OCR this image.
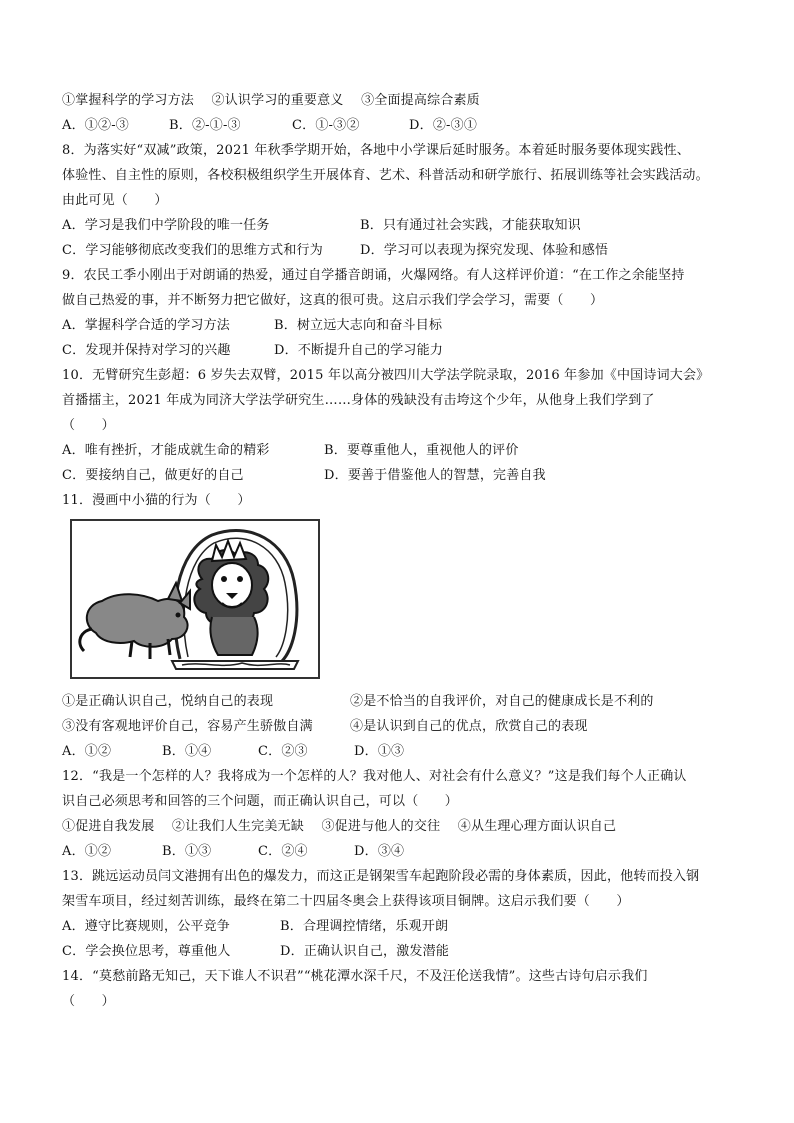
①掌握科学的学习方法　 ②认识学习的重要意义　 ③全面提高综合素质
A．①②-③	B．②-①-③	C．①-③②	D．②-③①
8．为落实好“双减”政策，2021 年秋季学期开始，各地中小学课后延时服务。本着延时服务要体现实践性、
体验性、自主性的原则，各校积极组织学生开展体育、艺术、科普活动和研学旅行、拓展训练等社会实践活动。
由此可见（　　）
A．学习是我们中学阶段的唯一任务	B．只有通过社会实践，才能获取知识
C．学习能够彻底改变我们的思维方式和行为	D．学习可以表现为探究发现、体验和感悟
9．农民工季小刚出于对朗诵的热爱，通过自学播音朗诵，火爆网络。有人这样评价道：“在工作之余能坚持
做自己热爱的事，并不断努力把它做好，这真的很可贵。这启示我们学会学习，需要（　　）
A．掌握科学合适的学习方法	B．树立远大志向和奋斗目标
C．发现并保持对学习的兴趣	D．不断提升自己的学习能力
10．无臂研究生彭超：6 岁失去双臂，2015 年以高分被四川大学法学院录取，2016 年参加《中国诗词大会》
首播擂主，2021 年成为同济大学法学研究生……身体的残缺没有击垮这个少年，从他身上我们学到了
（　　）
A．唯有挫折，才能成就生命的精彩	B．要尊重他人，重视他人的评价
C．要接纳自己，做更好的自己	D．要善于借鉴他人的智慧，完善自我
11．漫画中小猫的行为（　　）
①是正确认识自己，悦纳自己的表现	②是不恰当的自我评价，对自己的健康成长是不利的
③没有客观地评价自己，容易产生骄傲自满	④是认识到自己的优点，欣赏自己的表现
A．①②	B．①④	C．②③	D．①③
12．“我是一个怎样的人？我将成为一个怎样的人？我对他人、对社会有什么意义？”这是我们每个人正确认
识自己必须思考和回答的三个问题，而正确认识自己，可以（　　）
①促进自我发展　 ②让我们人生完美无缺　 ③促进与他人的交往　 ④从生理心理方面认识自己
A．①②	B．①③	C．②④	D．③④
13．跳远运动员闫文港拥有出色的爆发力，而这正是钢架雪车起跑阶段必需的身体素质，因此，他转而投入钢
架雪车项目，经过刻苦训练，最终在第二十四届冬奥会上获得该项目铜牌。这启示我们要（　　）
A．遵守比赛规则，公平竞争	B．合理调控情绪，乐观开朗
C．学会换位思考，尊重他人	D．正确认识自己，激发潜能
14．“莫愁前路无知己，天下谁人不识君”“桃花潭水深千尺，不及汪伦送我情”。这些古诗句启示我们
（　　）
